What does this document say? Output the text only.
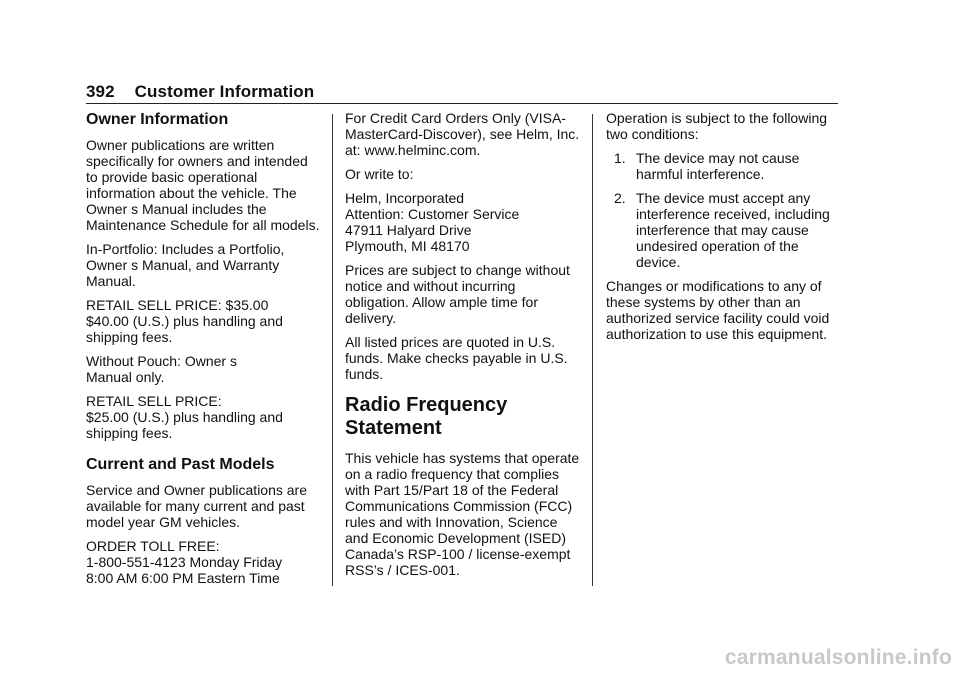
392 Customer Information
Owner Information

Owner publications are written specifically for owners and intended to provide basic operational information about the vehicle. The Owner s Manual includes the Maintenance Schedule for all models.

In-Portfolio: Includes a Portfolio, Owner s Manual, and Warranty Manual.

RETAIL SELL PRICE: $35.00
$40.00 (U.S.) plus handling and shipping fees.

Without Pouch: Owner s
Manual only.

RETAIL SELL PRICE:
$25.00 (U.S.) plus handling and shipping fees.

Current and Past Models

Service and Owner publications are available for many current and past model year GM vehicles.

ORDER TOLL FREE:
1-800-551-4123 Monday Friday
8:00 AM 6:00 PM Eastern Time

For Credit Card Orders Only (VISA-MasterCard-Discover), see Helm, Inc. at: www.helminc.com.

Or write to:

Helm, Incorporated
Attention: Customer Service
47911 Halyard Drive
Plymouth, MI 48170

Prices are subject to change without notice and without incurring obligation. Allow ample time for delivery.

All listed prices are quoted in U.S. funds. Make checks payable in U.S. funds.

Radio Frequency Statement

This vehicle has systems that operate on a radio frequency that complies with Part 15/Part 18 of the Federal Communications Commission (FCC) rules and with Innovation, Science and Economic Development (ISED) Canada’s RSP-100 / license-exempt RSS’s / ICES-001.

Operation is subject to the following two conditions:

1. The device may not cause harmful interference.
2. The device must accept any interference received, including interference that may cause undesired operation of the device.

Changes or modifications to any of these systems by other than an authorized service facility could void authorization to use this equipment.

carmanualsonline.info
